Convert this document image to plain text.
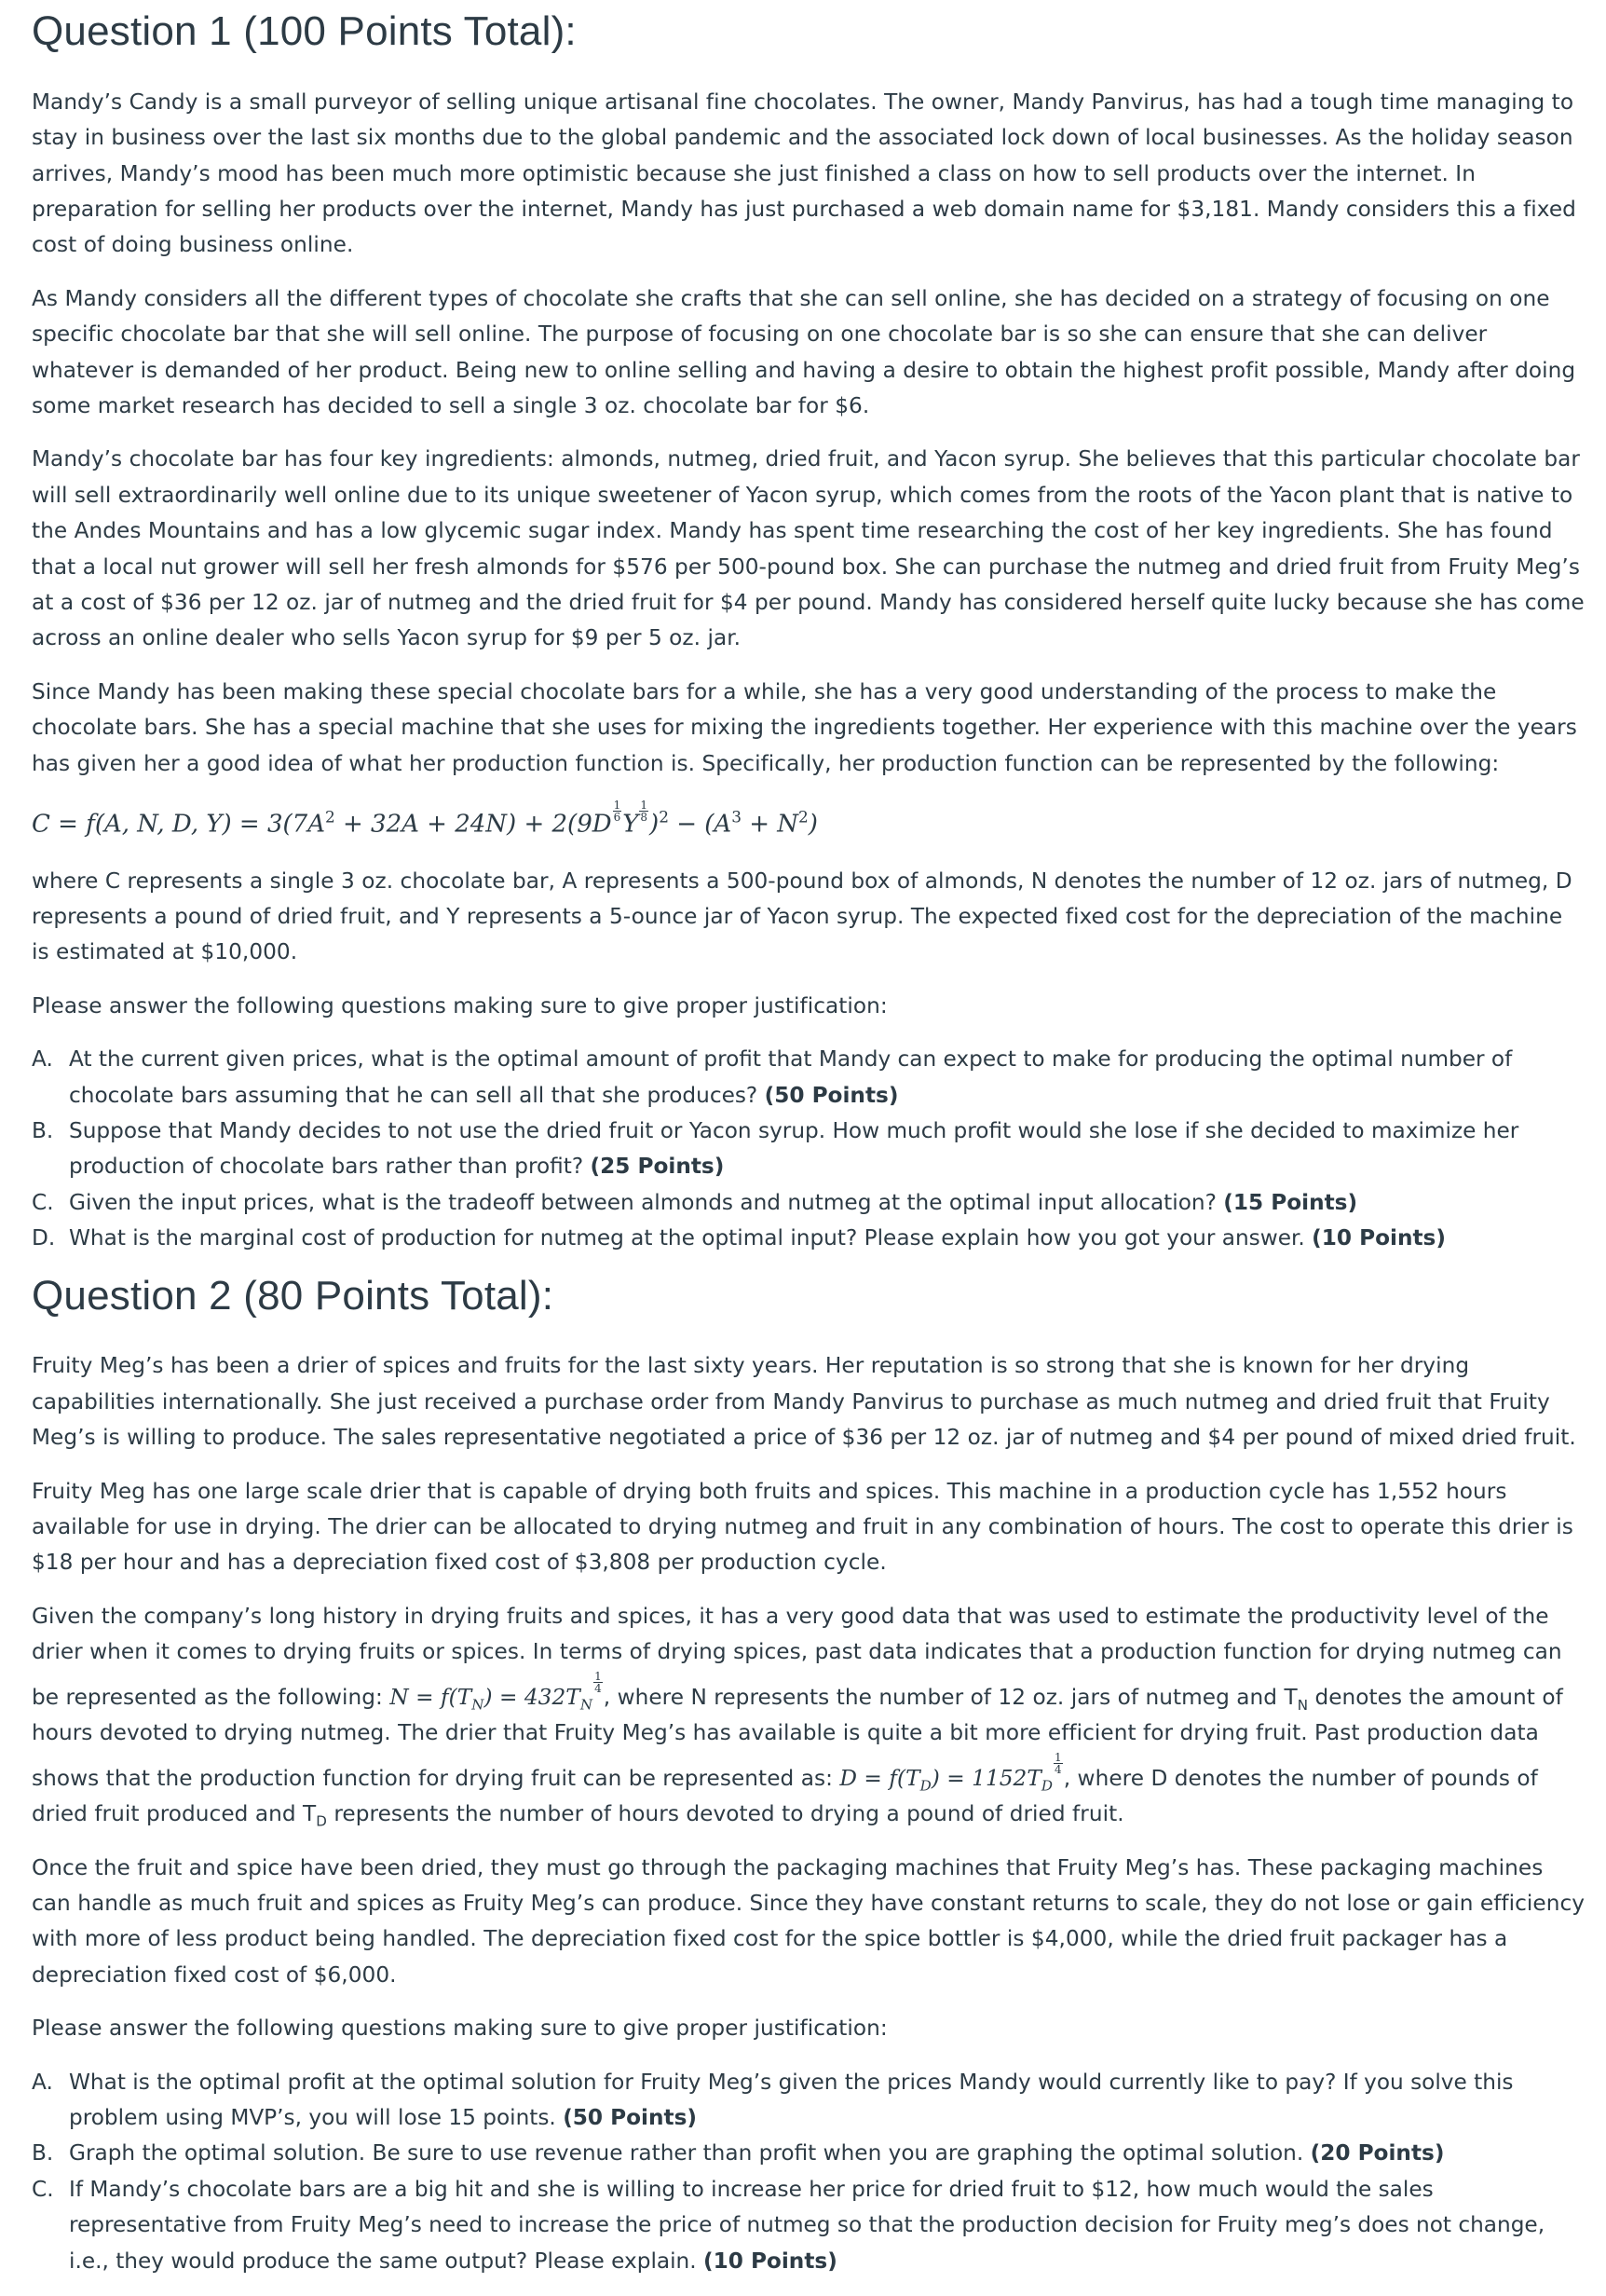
Question 1 (100 Points Total):

Mandy’s Candy is a small purveyor of selling unique artisanal fine chocolates. The owner, Mandy Panvirus, has had a tough time managing to stay in business over the last six months due to the global pandemic and the associated lock down of local businesses. As the holiday season arrives, Mandy’s mood has been much more optimistic because she just finished a class on how to sell products over the internet. In preparation for selling her products over the internet, Mandy has just purchased a web domain name for $3,181. Mandy considers this a fixed cost of doing business online.

As Mandy considers all the different types of chocolate she crafts that she can sell online, she has decided on a strategy of focusing on one specific chocolate bar that she will sell online. The purpose of focusing on one chocolate bar is so she can ensure that she can deliver whatever is demanded of her product. Being new to online selling and having a desire to obtain the highest profit possible, Mandy after doing some market research has decided to sell a single 3 oz. chocolate bar for $6.

Mandy’s chocolate bar has four key ingredients: almonds, nutmeg, dried fruit, and Yacon syrup. She believes that this particular chocolate bar will sell extraordinarily well online due to its unique sweetener of Yacon syrup, which comes from the roots of the Yacon plant that is native to the Andes Mountains and has a low glycemic sugar index. Mandy has spent time researching the cost of her key ingredients. She has found that a local nut grower will sell her fresh almonds for $576 per 500-pound box. She can purchase the nutmeg and dried fruit from Fruity Meg’s at a cost of $36 per 12 oz. jar of nutmeg and the dried fruit for $4 per pound. Mandy has considered herself quite lucky because she has come across an online dealer who sells Yacon syrup for $9 per 5 oz. jar.

Since Mandy has been making these special chocolate bars for a while, she has a very good understanding of the process to make the chocolate bars. She has a special machine that she uses for mixing the ingredients together. Her experience with this machine over the years has given her a good idea of what her production function is. Specifically, her production function can be represented by the following:

C = f(A, N, D, $Y) = 3(7A^2 + 32A + 24N) + 2(9D \frac{1}{6}$ Y $\frac{1}{8} )^2 - (A^3 + N^2)$

where C represents a single 3 oz. chocolate bar, A represents a 500-pound box of almonds, N denotes the number of 12 oz. jars of nutmeg, D represents a pound of dried fruit, and Y represents a 5-ounce jar of Yacon syrup. The expected fixed cost for the depreciation of the machine is estimated at $10,000.

Please answer the following questions making sure to give proper justification:

A. At the current given prices, what is the optimal amount of profit that Mandy can expect to make for producing the optimal number of chocolate bars assuming that he can sell all that she produces? (50 Points)
B. Suppose that Mandy decides to not use the dried fruit or Yacon syrup. How much profit would she lose if she decided to maximize her production of chocolate bars rather than profit? (25 Points)
C. Given the input prices, what is the tradeoff between almonds and nutmeg at the optimal input allocation? (15 Points)
D. What is the marginal cost of production for nutmeg at the optimal input? Please explain how you got your answer. (10 Points)
Question 2 (80 Points Total):

Fruity Meg’s has been a drier of spices and fruits for the last sixty years. Her reputation is so strong that she is known for her drying capabilities internationally. She just received a purchase order from Mandy Panvirus to purchase as much nutmeg and dried fruit that Fruity Meg’s is willing to produce. The sales representative negotiated a price of $36 per 12 oz. jar of nutmeg and $4 per pound of mixed dried fruit.

Fruity Meg has one large scale drier that is capable of drying both fruits and spices. This machine in a production cycle has 1,552 hours available for use in drying. The drier can be allocated to drying nutmeg and fruit in any combination of hours. The cost to operate this drier is $18 per hour and has a depreciation fixed cost of $3,808 per production cycle.

Given the company’s long history in drying fruits and spices, it has a very good data that was used to estimate the productivity level of the drier when it comes to drying fruits or spices. In terms of drying spices, past data indicates that a production function for drying nutmeg can be represented as the following: $N = f(T_N) = 432T_N$
$\frac{1}{4}$
, where N represents the number of 12 oz. jars of nutmeg and $T_N$ denotes the amount of hours devoted to drying nutmeg. The drier that Fruity Meg’s has available is quite a bit more efficient for drying fruit. Past production data shows that the production function for drying fruit can be represented as: $D = f(T_D) = 1152T_D$
$\frac{1}{4}$
, where D denotes the number of pounds of dried fruit produced and $T_D$ represents the number of hours devoted to drying a pound of dried fruit.

Once the fruit and spice have been dried, they must go through the packaging machines that Fruity Meg’s has. These packaging machines can handle as much fruit and spices as Fruity Meg’s can produce. Since they have constant returns to scale, they do not lose or gain efficiency with more of less product being handled. The depreciation fixed cost for the spice bottler is $4,000, while the dried fruit packager has a depreciation fixed cost of $6,000.

Please answer the following questions making sure to give proper justification:

A. What is the optimal profit at the optimal solution for Fruity Meg’s given the prices Mandy would currently like to pay? If you solve this problem using MVP’s, you will lose 15 points. (50 Points)
B. Graph the optimal solution. Be sure to use revenue rather than profit when you are graphing the optimal solution. (20 Points)
C. If Mandy’s chocolate bars are a big hit and she is willing to increase her price for dried fruit to $12, how much would the sales representative from Fruity Meg’s need to increase the price of nutmeg so that the production decision for Fruity meg’s does not change, i.e., they would produce the same output? Please explain. (10 Points)
